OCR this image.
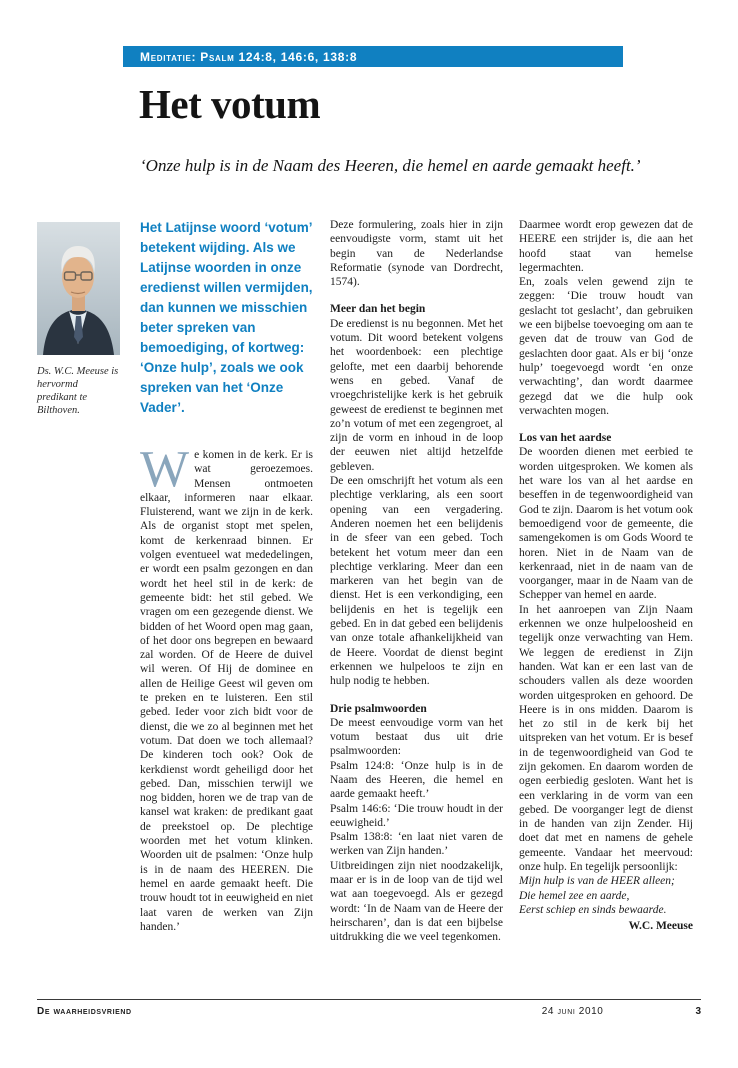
Meditatie: Psalm 124:8, 146:6, 138:8
Het votum

‘Onze hulp is in de Naam des Heeren, die hemel en aarde gemaakt heeft.’

Ds. W.C. Meeuse is hervormd predikant te Bilthoven.

Het Latijnse woord ‘votum’ betekent wijding. Als we Latijnse woorden in onze eredienst willen vermijden, dan kunnen we misschien beter spreken van bemoediging, of kortweg: ‘Onze hulp’, zoals we ook spreken van het ‘Onze Vader’.

We komen in de kerk. Er is wat geroezemoes. Mensen ontmoeten elkaar, informeren naar elkaar. Fluisterend, want we zijn in de kerk. Als de organist stopt met spelen, komt de kerkenraad binnen. Er volgen eventueel wat mededelingen, er wordt een psalm gezongen en dan wordt het heel stil in de kerk: de gemeente bidt: het stil gebed. We vragen om een gezegende dienst. We bidden of het Woord open mag gaan, of het door ons begrepen en bewaard zal worden. Of de Heere de duivel wil weren. Of Hij de dominee en allen de Heilige Geest wil geven om te preken en te luisteren. Een stil gebed. Ieder voor zich bidt voor de dienst, die we zo al beginnen met het votum. Dat doen we toch allemaal? De kinderen toch ook? Ook de kerkdienst wordt geheiligd door het gebed. Dan, misschien terwijl we nog bidden, horen we de trap van de kansel wat kraken: de predikant gaat de preekstoel op. De plechtige woorden met het votum klinken. Woorden uit de psalmen: ‘Onze hulp is in de naam des HEEREN. Die hemel en aarde gemaakt heeft. Die trouw houdt tot in eeuwigheid en niet laat varen de werken van Zijn handen.’

Deze formulering, zoals hier in zijn eenvoudigste vorm, stamt uit het begin van de Nederlandse Reformatie (synode van Dordrecht, 1574).

Meer dan het begin

De eredienst is nu begonnen. Met het votum. Dit woord betekent volgens het woordenboek: een plechtige gelofte, met een daarbij behorende wens en gebed. Vanaf de vroegchristelijke kerk is het gebruik geweest de eredienst te beginnen met zo’n votum of met een zegengroet, al zijn de vorm en inhoud in de loop der eeuwen niet altijd hetzelfde gebleven.

De een omschrijft het votum als een plechtige verklaring, als een soort opening van een vergadering. Anderen noemen het een belijdenis in de sfeer van een gebed. Toch betekent het votum meer dan een plechtige verklaring. Meer dan een markeren van het begin van de dienst. Het is een verkondiging, een belijdenis en het is tegelijk een gebed. En in dat gebed een belijdenis van onze totale afhankelijkheid van de Heere. Voordat de dienst begint erkennen we hulpeloos te zijn en hulp nodig te hebben.

Drie psalmwoorden

De meest eenvoudige vorm van het votum bestaat dus uit drie psalmwoorden:

Psalm 124:8: ‘Onze hulp is in de Naam des Heeren, die hemel en aarde gemaakt heeft.’

Psalm 146:6: ‘Die trouw houdt in der eeuwigheid.’

Psalm 138:8: ‘en laat niet varen de werken van Zijn handen.’

Uitbreidingen zijn niet noodzakelijk, maar er is in de loop van de tijd wel wat aan toegevoegd. Als er gezegd wordt: ‘In de Naam van de Heere der heirscharen’, dan is dat een bijbelse uitdrukking die we veel tegenkomen.

Daarmee wordt erop gewezen dat de HEERE een strijder is, die aan het hoofd staat van hemelse legermachten.

En, zoals velen gewend zijn te zeggen: ‘Die trouw houdt van geslacht tot geslacht’, dan gebruiken we een bijbelse toevoeging om aan te geven dat de trouw van God de geslachten door gaat. Als er bij ‘onze hulp’ toegevoegd wordt ‘en onze verwachting’, dan wordt daarmee gezegd dat we die hulp ook verwachten mogen.

Los van het aardse

De woorden dienen met eerbied te worden uitgesproken. We komen als het ware los van al het aardse en beseffen in de tegenwoordigheid van God te zijn. Daarom is het votum ook bemoedigend voor de gemeente, die samengekomen is om Gods Woord te horen. Niet in de Naam van de kerkenraad, niet in de naam van de voorganger, maar in de Naam van de Schepper van hemel en aarde.

In het aanroepen van Zijn Naam erkennen we onze hulpeloosheid en tegelijk onze verwachting van Hem. We leggen de eredienst in Zijn handen. Wat kan er een last van de schouders vallen als deze woorden worden uitgesproken en gehoord. De Heere is in ons midden. Daarom is het zo stil in de kerk bij het uitspreken van het votum. Er is besef in de tegenwoordigheid van God te zijn gekomen. En daarom worden de ogen eerbiedig gesloten. Want het is een verklaring in de vorm van een gebed. De voorganger legt de dienst in de handen van zijn Zender. Hij doet dat met en namens de gehele gemeente. Vandaar het meervoud: onze hulp. En tegelijk persoonlijk:

Mijn hulp is van de HEER alleen;
Die hemel zee en aarde,
Eerst schiep en sinds bewaarde.

W.C. Meeuse

De waarheidsvriend	24 juni 2010	3
